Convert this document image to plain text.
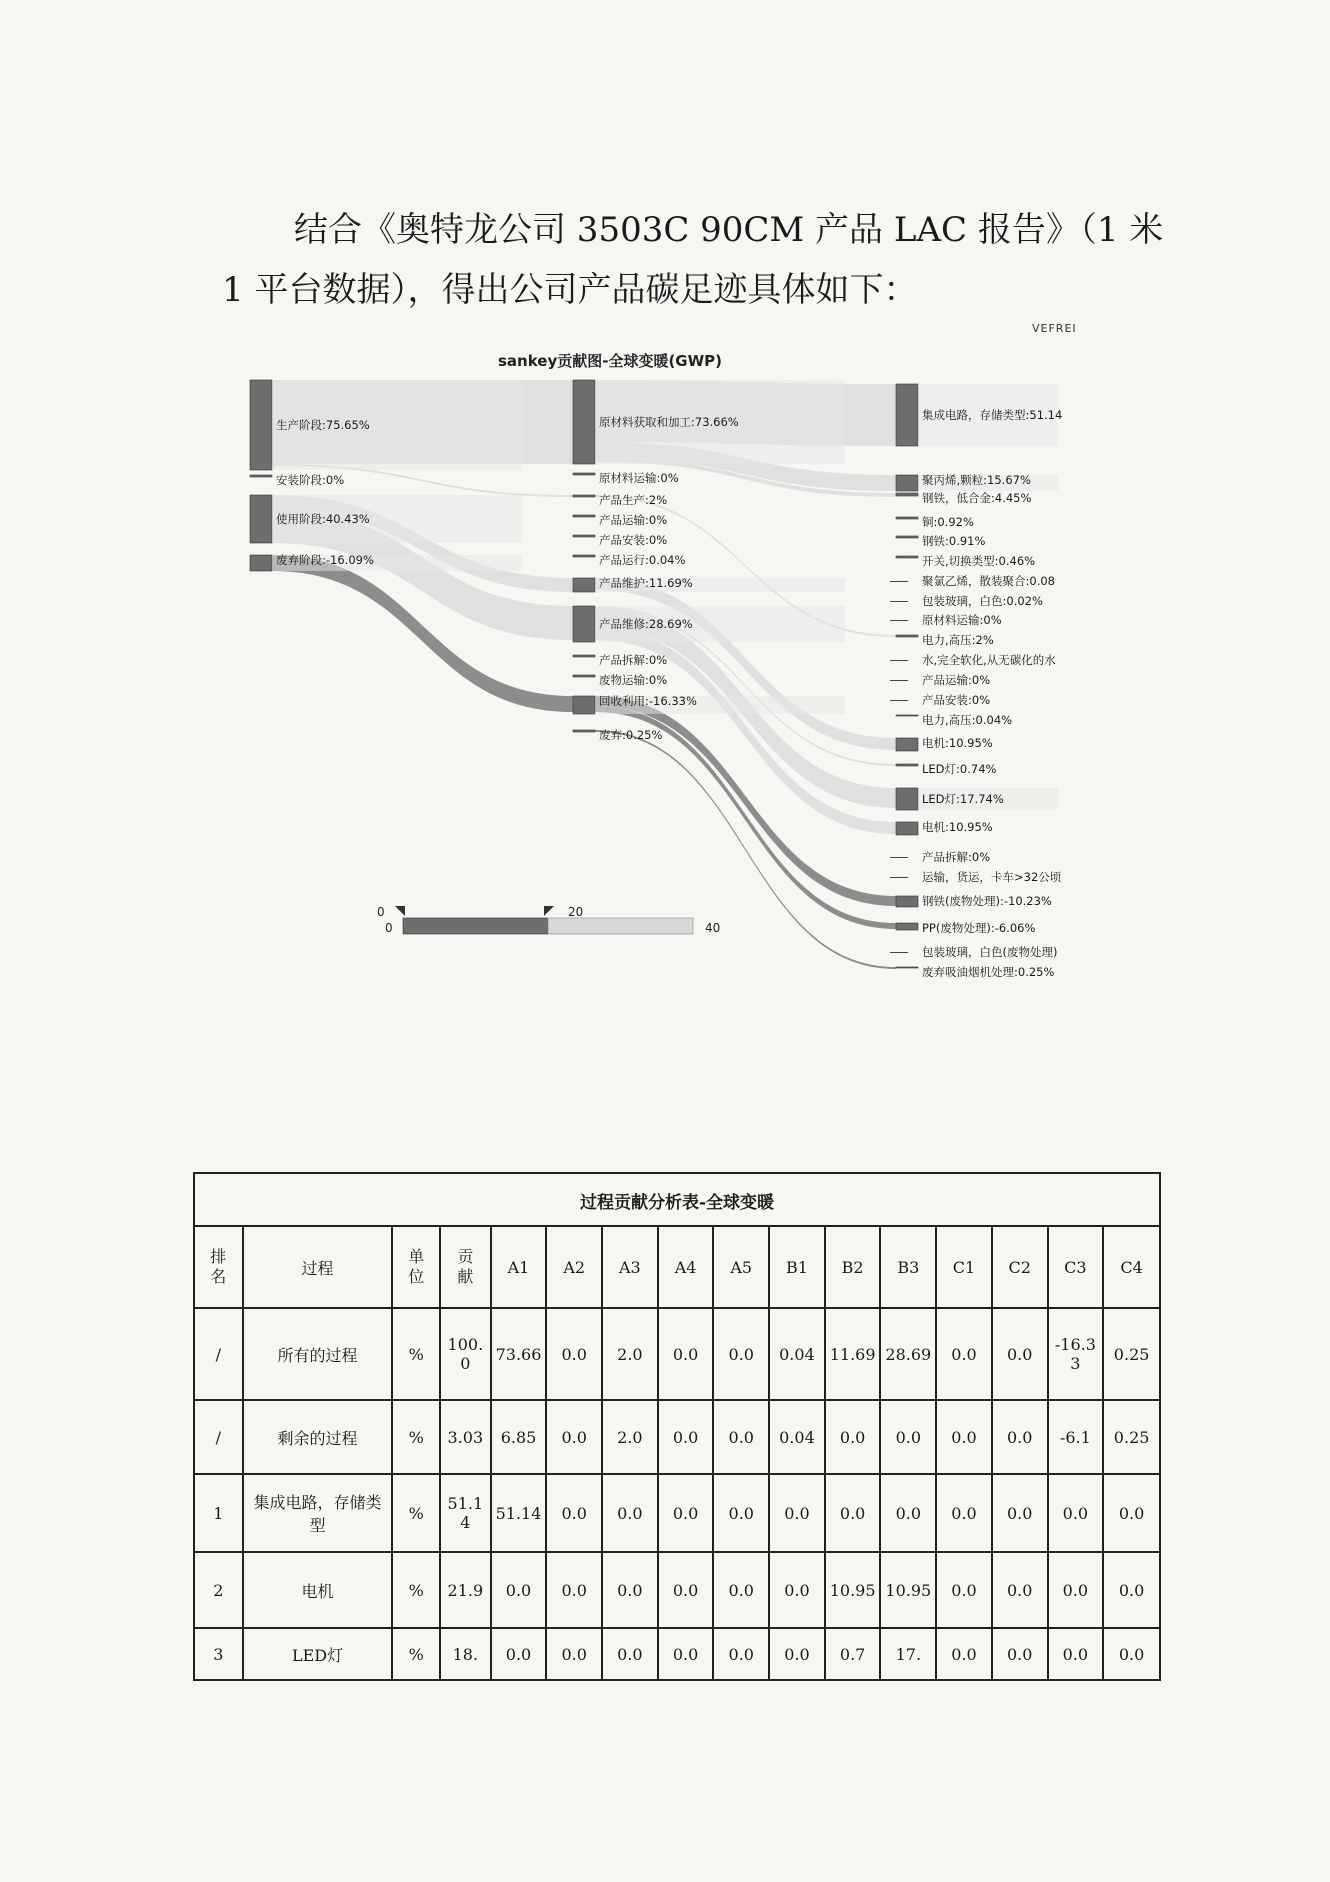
结合《奥特龙公司 3503C 90CM 产品 LAC 报告》（1 米
1 平台数据），得出公司产品碳足迹具体如下：
VEFREI
sankey贡献图-全球变暖(GWP)
生产阶段:75.65%
安装阶段:0%
使用阶段:40.43%
废弃阶段:-16.09%
原材料获取和加工:73.66%
原材料运输:0%
产品生产:2%
产品运输:0%
产品安装:0%
产品运行:0.04%
产品维护:11.69%
产品维修:28.69%
产品拆解:0%
废物运输:0%
回收利用:-16.33%
废弃:0.25%
集成电路，存储类型:51.14
聚丙烯,颗粒:15.67%
钢铁，低合金:4.45%
铜:0.92%
钢铁:0.91%
开关,切换类型:0.46%
聚氯乙烯，散装聚合:0.08
包装玻璃，白色:0.02%
原材料运输:0%
电力,高压:2%
水,完全软化,从无碳化的水
产品运输:0%
产品安装:0%
电力,高压:0.04%
电机:10.95%
LED灯:0.74%
LED灯:17.74%
电机:10.95%
产品拆解:0%
运输，货运，卡车>32公顷
钢铁(废物处理):-10.23%
PP(废物处理):-6.06%
包装玻璃，白色(废物处理)
废弃吸油烟机处理:0.25%
0
0
20
40
过程贡献分析表-全球变暖
排名	过程	单位	贡献	A1	A2	A3	A4	A5	B1	B2	B3	C1	C2	C3	C4
/	所有的过程	%	100.0	73.66	0.0	2.0	0.0	0.0	0.04	11.69	28.69	0.0	0.0	-16.33	0.25
/	剩余的过程	%	3.03	6.85	0.0	2.0	0.0	0.0	0.04	0.0	0.0	0.0	0.0	-6.1	0.25
1	集成电路，存储类型	%	51.14	51.14	0.0	0.0	0.0	0.0	0.0	0.0	0.0	0.0	0.0	0.0	0.0
2	电机	%	21.9	0.0	0.0	0.0	0.0	0.0	0.0	10.95	10.95	0.0	0.0	0.0	0.0
3	LED灯	%	18.	0.0	0.0	0.0	0.0	0.0	0.0	0.7	17.	0.0	0.0	0.0	0.0
